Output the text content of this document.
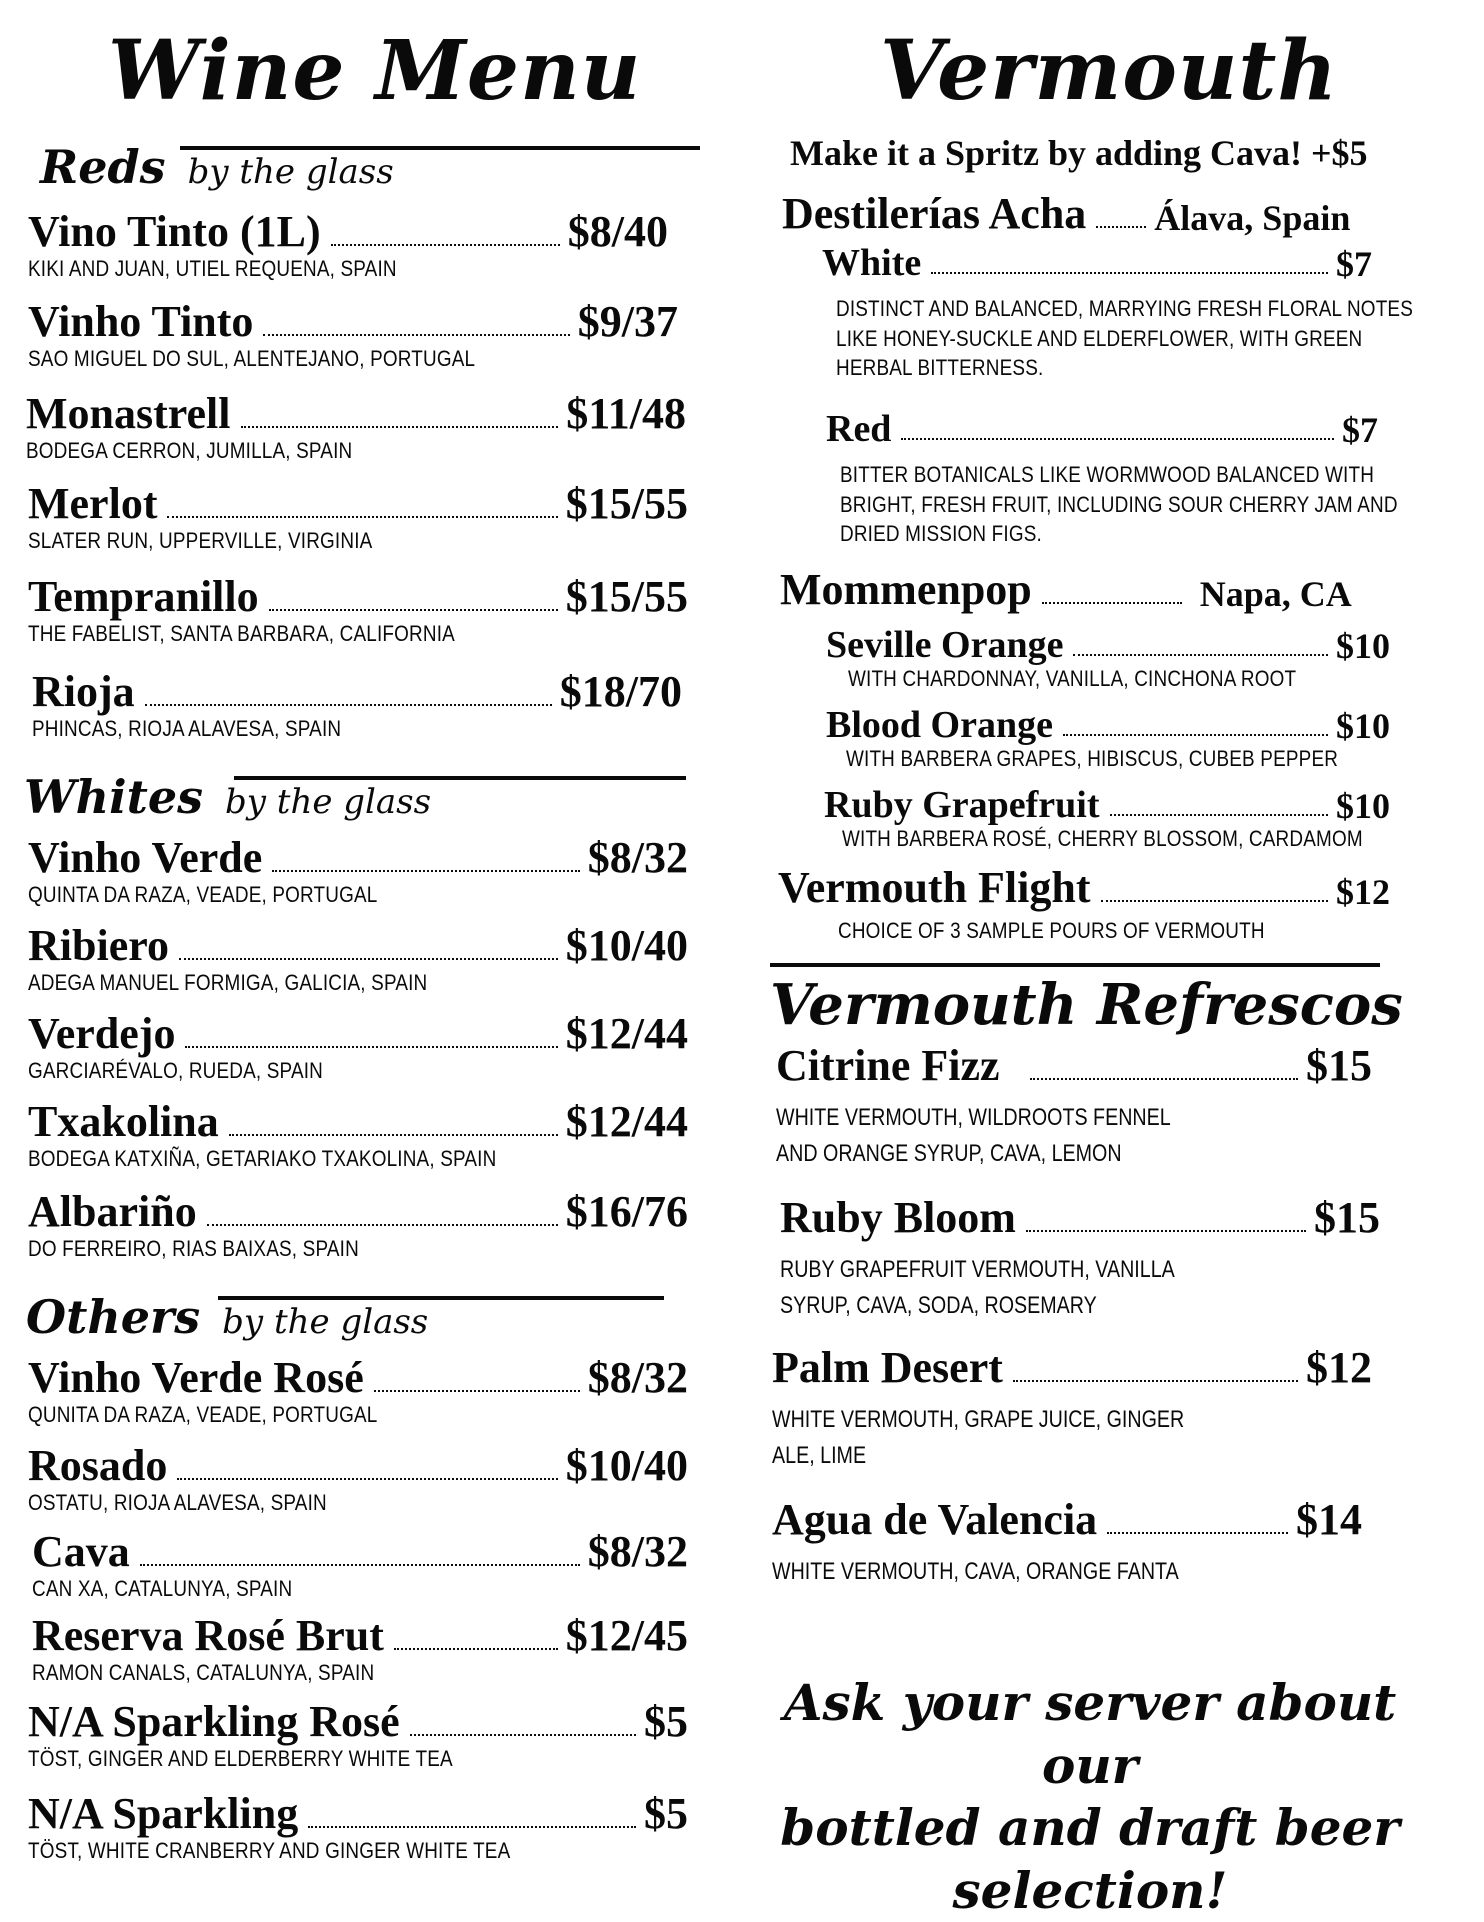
Wine Menu
Reds by the glass
Vino Tinto (1L)	$8/40
KIKI AND JUAN, UTIEL REQUENA, SPAIN
Vinho Tinto	$9/37
SAO MIGUEL DO SUL, ALENTEJANO, PORTUGAL
Monastrell	$11/48
BODEGA CERRON, JUMILLA, SPAIN
Merlot	$15/55
SLATER RUN, UPPERVILLE, VIRGINIA
Tempranillo	$15/55
THE FABELIST, SANTA BARBARA, CALIFORNIA
Rioja	$18/70
PHINCAS, RIOJA ALAVESA, SPAIN
Whites by the glass
Vinho Verde	$8/32
QUINTA DA RAZA, VEADE, PORTUGAL
Ribiero	$10/40
ADEGA MANUEL FORMIGA, GALICIA, SPAIN
Verdejo	$12/44
GARCIARÉVALO, RUEDA, SPAIN
Txakolina	$12/44
BODEGA KATXIÑA, GETARIAKO TXAKOLINA, SPAIN
Albariño	$16/76
DO FERREIRO, RIAS BAIXAS, SPAIN
Others by the glass
Vinho Verde Rosé	$8/32
QUNITA DA RAZA, VEADE, PORTUGAL
Rosado	$10/40
OSTATU, RIOJA ALAVESA, SPAIN
Cava	$8/32
CAN XA, CATALUNYA, SPAIN
Reserva Rosé Brut	$12/45
RAMON CANALS, CATALUNYA, SPAIN
N/A Sparkling Rosé	$5
TÖST, GINGER AND ELDERBERRY WHITE TEA
N/A Sparkling	$5
TÖST, WHITE CRANBERRY AND GINGER WHITE TEA
Vermouth
Make it a Spritz by adding Cava! +$5
Destilerías Acha Álava, Spain
White	$7
DISTINCT AND BALANCED, MARRYING FRESH FLORAL NOTES
LIKE HONEY-SUCKLE AND ELDERFLOWER, WITH GREEN
HERBAL BITTERNESS.
Red	$7
BITTER BOTANICALS LIKE WORMWOOD BALANCED WITH
BRIGHT, FRESH FRUIT, INCLUDING SOUR CHERRY JAM AND
DRIED MISSION FIGS.
Mommenpop	Napa, CA
Seville Orange	$10
WITH CHARDONNAY, VANILLA, CINCHONA ROOT
Blood Orange	$10
WITH BARBERA GRAPES, HIBISCUS, CUBEB PEPPER
Ruby Grapefruit	$10
WITH BARBERA ROSÉ, CHERRY BLOSSOM, CARDAMOM
Vermouth Flight	$12
CHOICE OF 3 SAMPLE POURS OF VERMOUTH
Vermouth Refrescos
Citrine Fizz	$15
WHITE VERMOUTH, WILDROOTS FENNEL
AND ORANGE SYRUP, CAVA, LEMON
Ruby Bloom	$15
RUBY GRAPEFRUIT VERMOUTH, VANILLA
SYRUP, CAVA, SODA, ROSEMARY
Palm Desert	$12
WHITE VERMOUTH, GRAPE JUICE, GINGER
ALE, LIME
Agua de Valencia	$14
WHITE VERMOUTH, CAVA, ORANGE FANTA
Ask your server about our
bottled and draft beer
selection!
